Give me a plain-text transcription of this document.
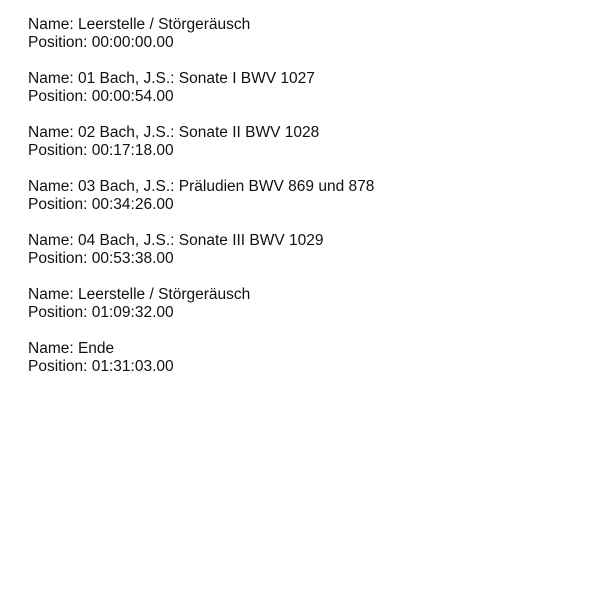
Name: Leerstelle / Störgeräusch
Position: 00:00:00.00
Name: 01 Bach, J.S.: Sonate I BWV 1027
Position: 00:00:54.00
Name: 02 Bach, J.S.: Sonate II BWV 1028
Position: 00:17:18.00
Name: 03 Bach, J.S.: Präludien BWV 869 und 878
Position: 00:34:26.00
Name: 04 Bach, J.S.: Sonate III BWV 1029
Position: 00:53:38.00
Name: Leerstelle / Störgeräusch
Position: 01:09:32.00
Name: Ende
Position: 01:31:03.00
